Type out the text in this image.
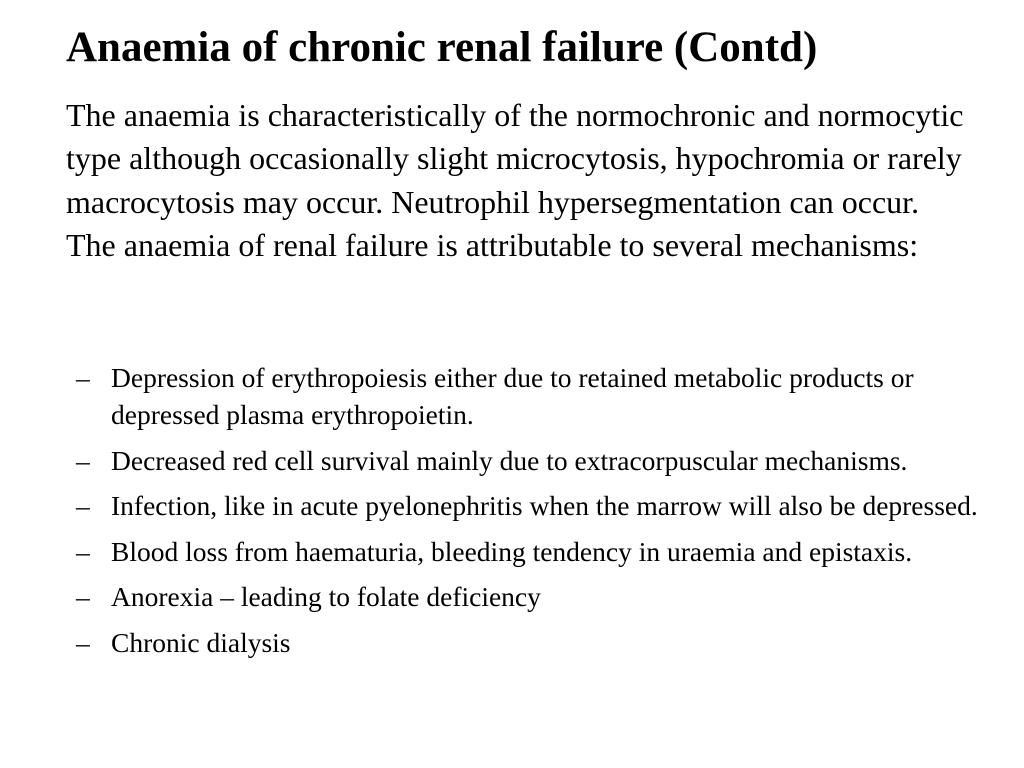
Anaemia of chronic renal failure (Contd)

The anaemia is characteristically of the normochronic and normocytic type although occasionally slight microcytosis, hypochromia or rarely macrocytosis may occur. Neutrophil hypersegmentation can occur. The anaemia of renal failure is attributable to several mechanisms:

– Depression of erythropoiesis either due to retained metabolic products or depressed plasma erythropoietin.
– Decreased red cell survival mainly due to extracorpuscular mechanisms.
– Infection, like in acute pyelonephritis when the marrow will also be depressed.
– Blood loss from haematuria, bleeding tendency in uraemia and epistaxis.
– Anorexia – leading to folate deficiency
– Chronic dialysis
